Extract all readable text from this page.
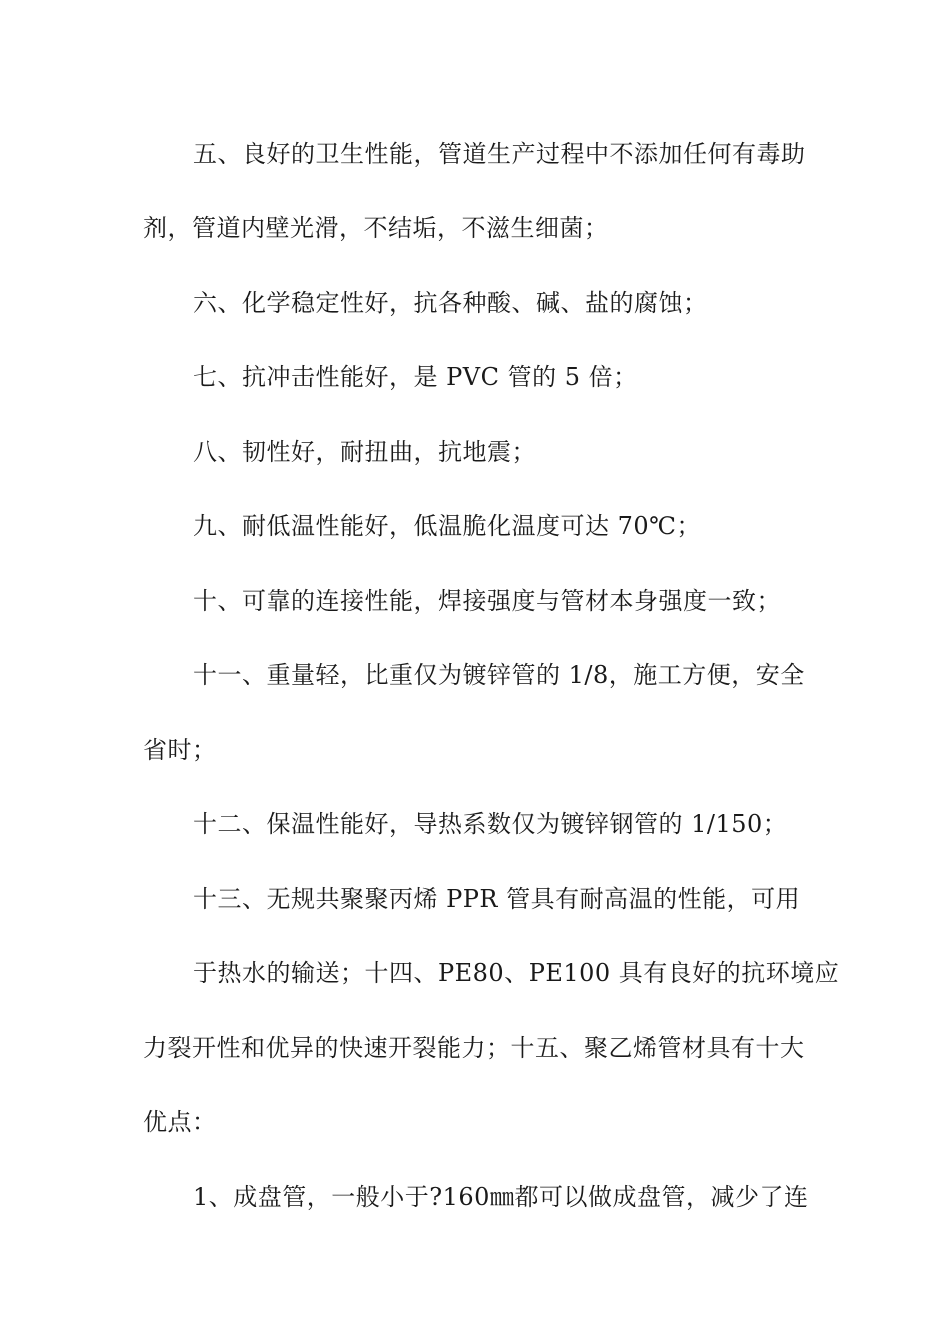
五、良好的卫生性能，管道生产过程中不添加任何有毒助
剂，管道内壁光滑，不结垢，不滋生细菌；
六、化学稳定性好，抗各种酸、碱、盐的腐蚀；
七、抗冲击性能好，是 PVC 管的 5 倍；
八、韧性好，耐扭曲，抗地震；
九、耐低温性能好，低温脆化温度可达 70℃；
十、可靠的连接性能，焊接强度与管材本身强度一致；
十一、重量轻，比重仅为镀锌管的 1/8，施工方便，安全
省时；
十二、保温性能好，导热系数仅为镀锌钢管的 1/150；
十三、无规共聚聚丙烯 PPR 管具有耐高温的性能，可用
于热水的输送；十四、PE80、PE100 具有良好的抗环境应
力裂开性和优异的快速开裂能力；十五、聚乙烯管材具有十大
优点：
1、成盘管，一般小于?160㎜都可以做成盘管，减少了连
